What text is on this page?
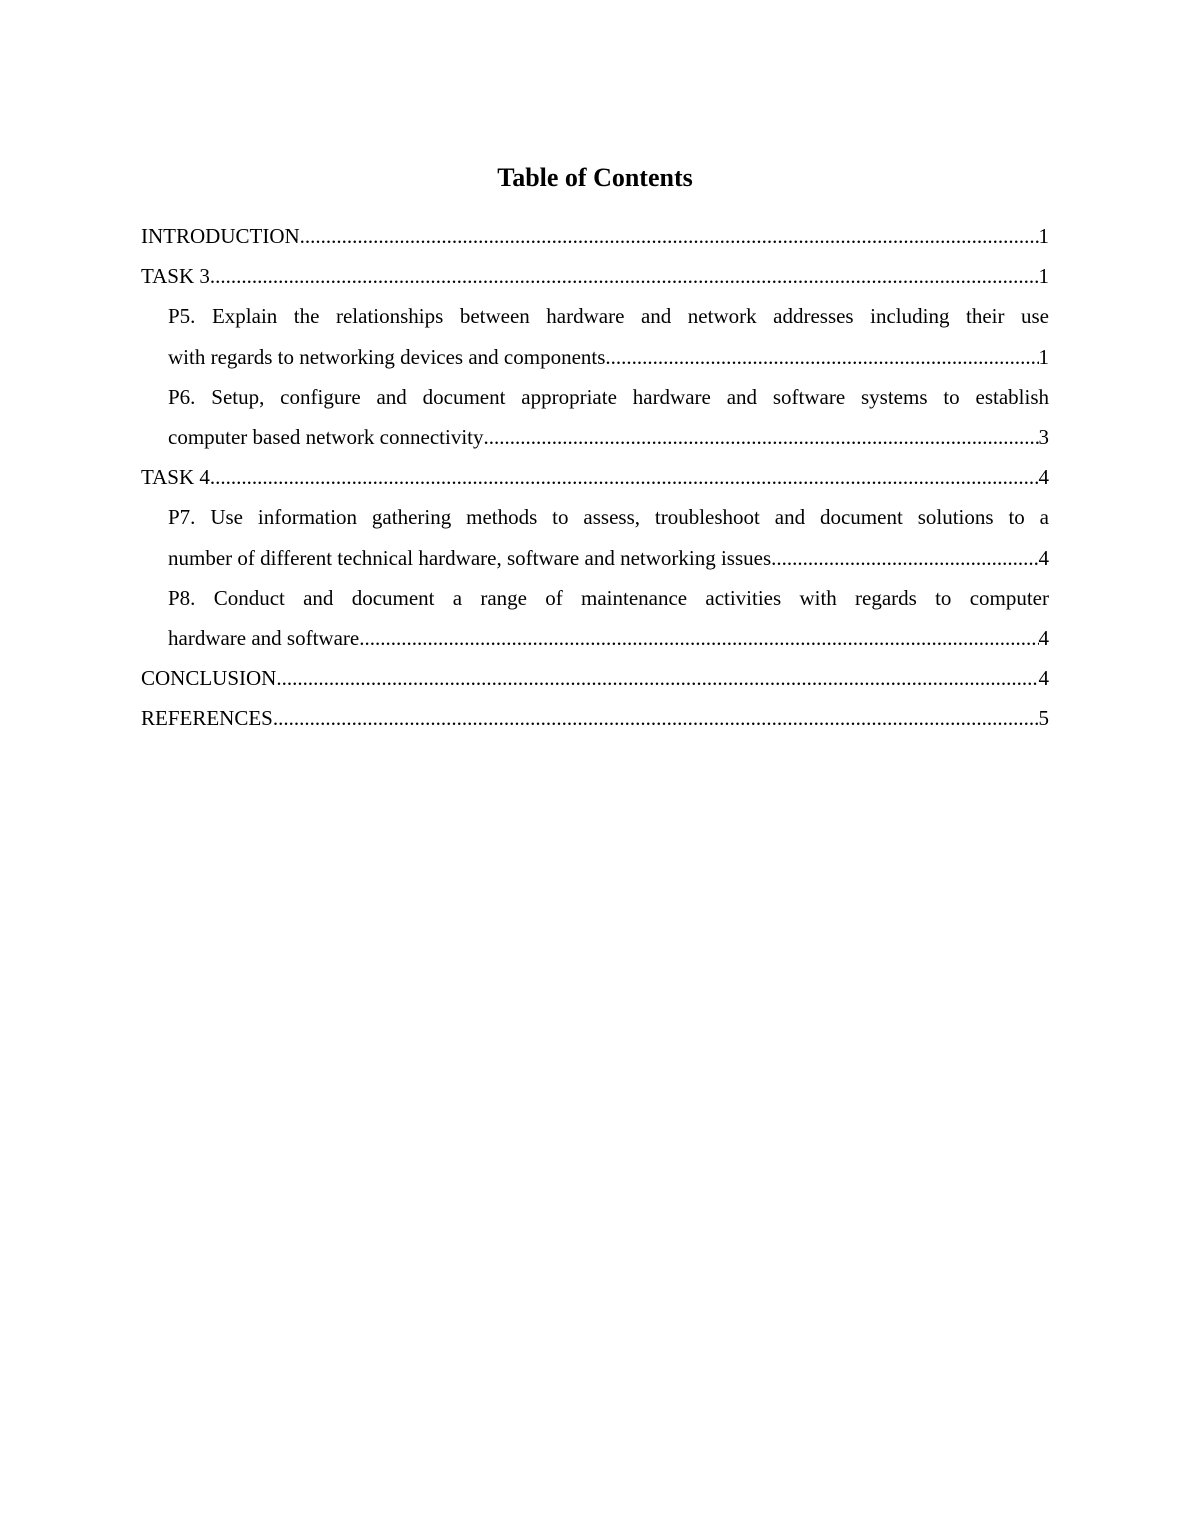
Table of Contents
INTRODUCTION .....	1
TASK 3 .....	1
P5. Explain the relationships between hardware and network addresses including their use
with regards to networking devices and components .....	1
P6. Setup, configure and document appropriate hardware and software systems to establish
computer based network connectivity .....	3
TASK 4 .....	4
P7. Use information gathering methods to assess, troubleshoot and document solutions to a
number of different technical hardware, software and networking issues .....	4
P8. Conduct and document a range of maintenance activities with regards to computer
hardware and software .....	4
CONCLUSION .....	4
REFERENCES .....	5
